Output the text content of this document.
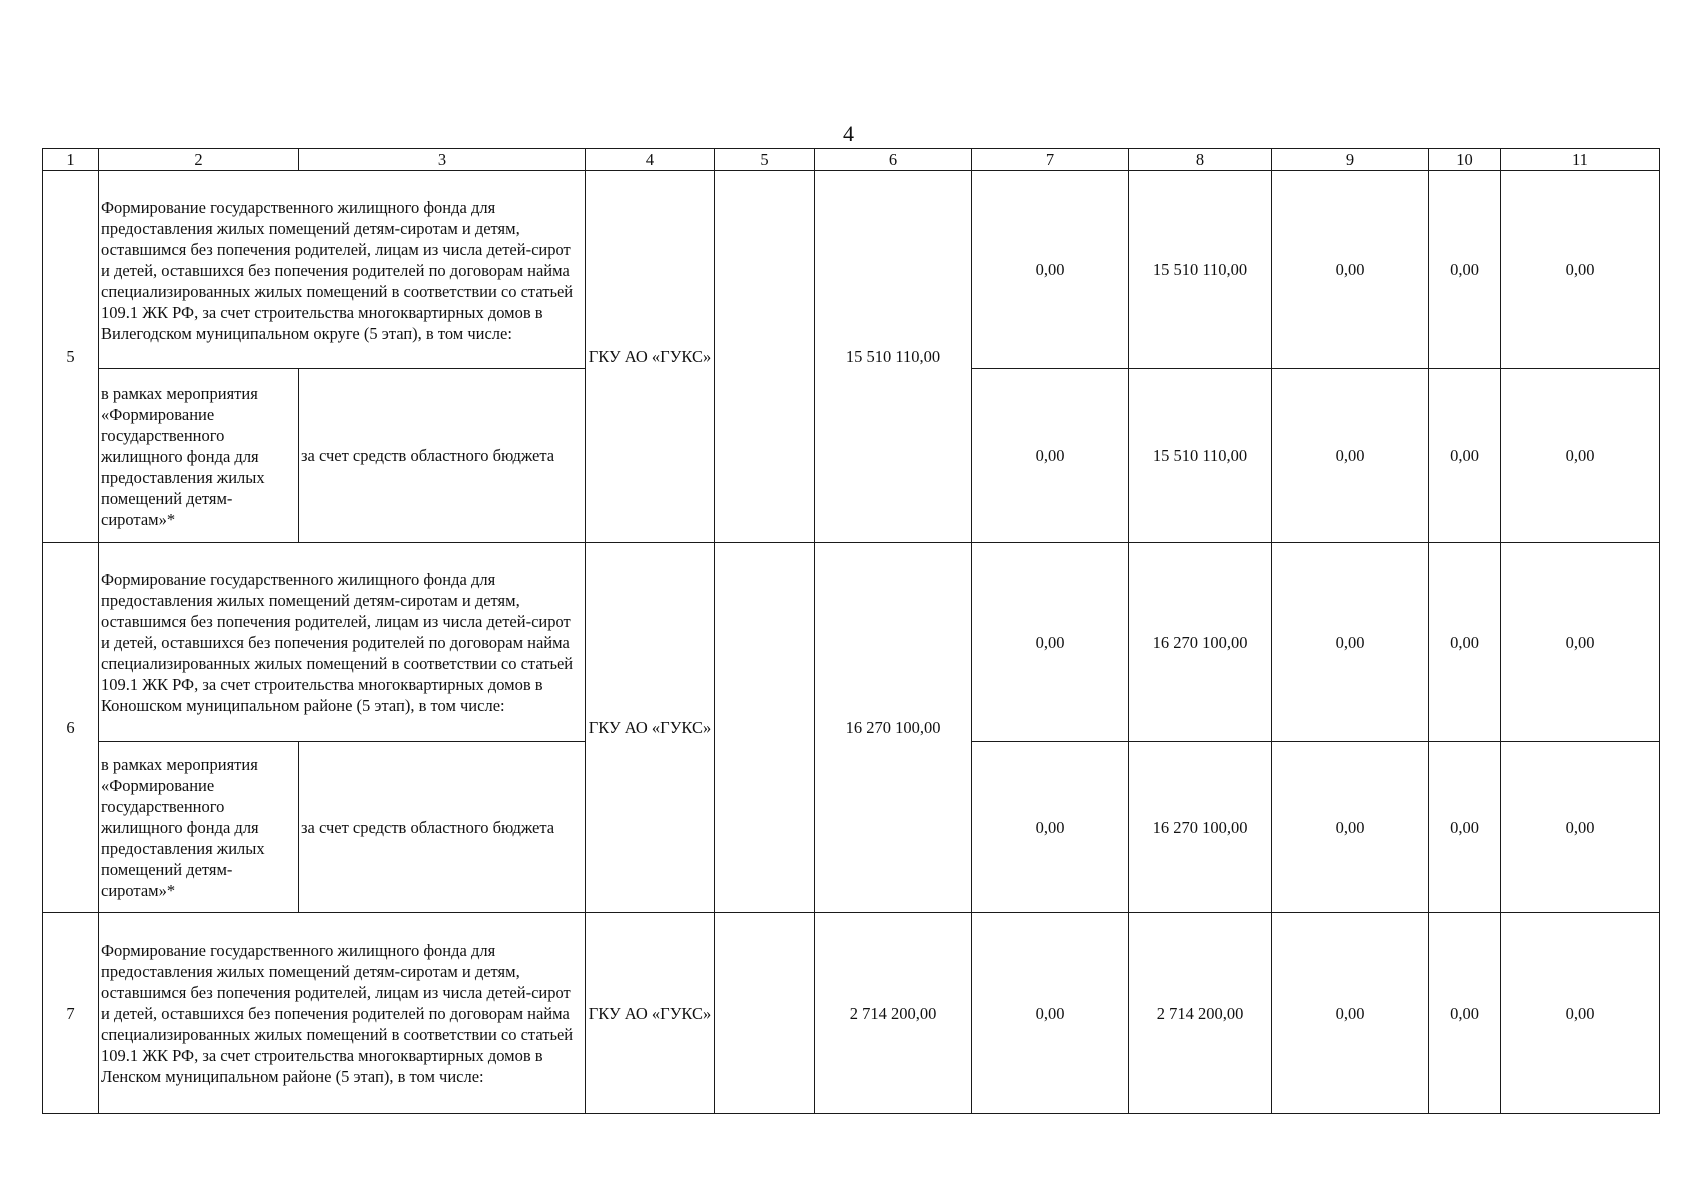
4
1	2	3	4	5	6	7	8	9	10	11
5	Формирование государственного жилищного фонда для предоставления жилых помещений детям-сиротам и детям, оставшимся без попечения родителей, лицам из числа детей-сирот и детей, оставшихся без попечения родителей по договорам найма специализированных жилых помещений в соответствии со статьей 109.1 ЖК РФ, за счет строительства многоквартирных домов в Вилегодском муниципальном округе (5 этап), в том числе:		ГКУ АО «ГУКС»		15 510 110,00	0,00	15 510 110,00	0,00	0,00	0,00

	в рамках мероприятия «Формирование государственного жилищного фонда для предоставления жилых помещений детям-сиротам»*	за счет средств областного бюджета				0,00	15 510 110,00	0,00	0,00	0,00
6	Формирование государственного жилищного фонда для предоставления жилых помещений детям-сиротам и детям, оставшимся без попечения родителей, лицам из числа детей-сирот и детей, оставшихся без попечения родителей по договорам найма специализированных жилых помещений в соответствии со статьей 109.1 ЖК РФ, за счет строительства многоквартирных домов в Коношском муниципальном районе (5 этап), в том числе:		ГКУ АО «ГУКС»		16 270 100,00	0,00	16 270 100,00	0,00	0,00	0,00

	в рамках мероприятия «Формирование государственного жилищного фонда для предоставления жилых помещений детям-сиротам»*	за счет средств областного бюджета				0,00	16 270 100,00	0,00	0,00	0,00
7	Формирование государственного жилищного фонда для предоставления жилых помещений детям-сиротам и детям, оставшимся без попечения родителей, лицам из числа детей-сирот и детей, оставшихся без попечения родителей по договорам найма специализированных жилых помещений в соответствии со статьей 109.1 ЖК РФ, за счет строительства многоквартирных домов в Ленском муниципальном районе (5 этап), в том числе:		ГКУ АО «ГУКС»		2 714 200,00	0,00	2 714 200,00	0,00	0,00	0,00
